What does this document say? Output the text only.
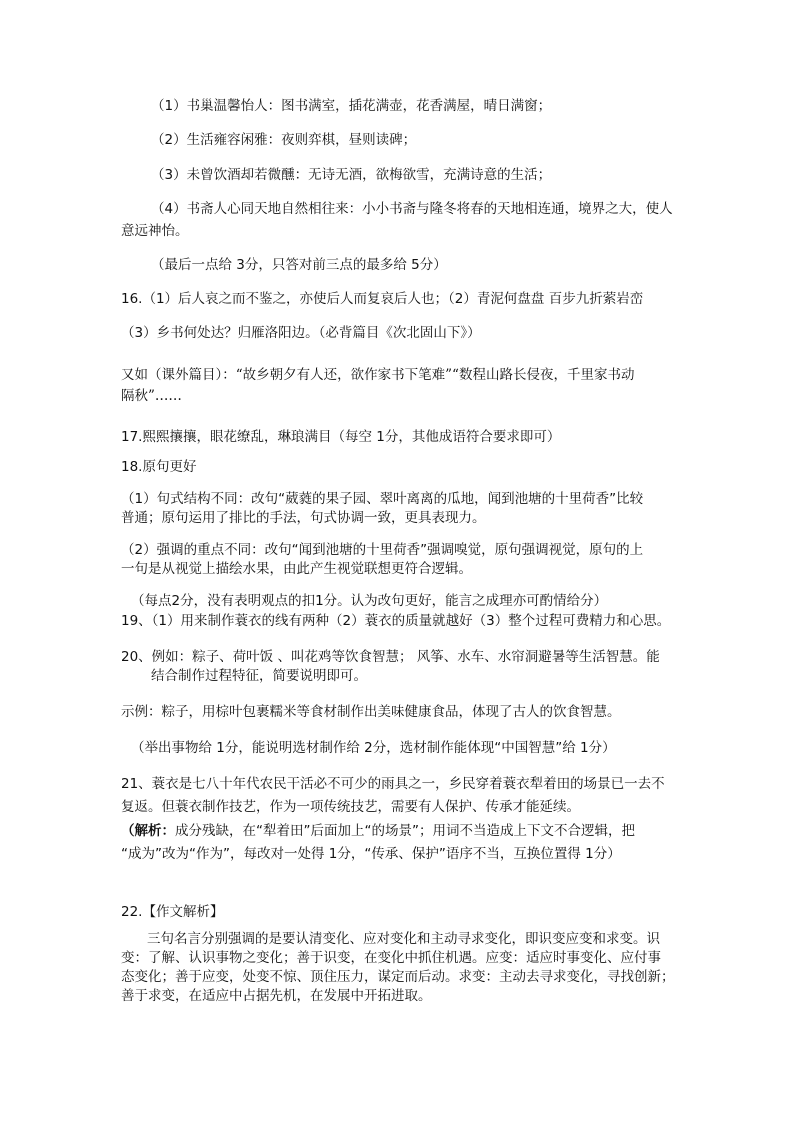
（1）书巢温馨怡人：图书满室，插花满壶，花香满屋，晴日满窗；
（2）生活雍容闲雅：夜则弈棋，昼则读碑；
（3）未曾饮酒却若微醺：无诗无酒，欲梅欲雪，充满诗意的生活；
（4）书斋人心同天地自然相往来：小小书斋与隆冬将春的天地相连通，境界之大，使人
意远神怡。
（最后一点给 3分，只答对前三点的最多给 5分）
16.（1）后人哀之而不鉴之，亦使后人而复哀后人也；（2）青泥何盘盘 百步九折萦岩峦
（3）乡书何处达？归雁洛阳边。（必背篇目《次北固山下》）
又如（课外篇目）：“故乡朝夕有人还，欲作家书下笔难”“数程山路长侵夜，千里家书动
隔秋”……
17.熙熙攘攘，眼花缭乱，琳琅满目（每空 1分，其他成语符合要求即可）
18.原句更好
（1）句式结构不同：改句“葳蕤的果子园、翠叶离离的瓜地，闻到池塘的十里荷香”比较
普通；原句运用了排比的手法，句式协调一致，更具表现力。
（2）强调的重点不同：改句“闻到池塘的十里荷香”强调嗅觉，原句强调视觉，原句的上
一句是从视觉上描绘水果，由此产生视觉联想更符合逻辑。
（每点2分，没有表明观点的扣1分。认为改句更好，能言之成理亦可酌情给分）
19、（1）用来制作蓑衣的线有两种（2）蓑衣的质量就越好（3）整个过程可费精力和心思。
20、例如：粽子、荷叶饭 、叫花鸡等饮食智慧； 风筝、水车、水帘洞避暑等生活智慧。能
结合制作过程特征，简要说明即可。
示例：粽子，用棕叶包裹糯米等食材制作出美味健康食品，体现了古人的饮食智慧。
（举出事物给 1分，能说明选材制作给 2分，选材制作能体现“中国智慧”给 1分）
21、蓑衣是七八十年代农民干活必不可少的雨具之一，乡民穿着蓑衣犁着田的场景已一去不
复返。但蓑衣制作技艺，作为一项传统技艺，需要有人保护、传承才能延续。
（解析：成分残缺，在“犁着田”后面加上“的场景”；用词不当造成上下文不合逻辑，把
“成为”改为“作为”，每改对一处得 1分，“传承、保护”语序不当，互换位置得 1分）
22.【作文解析】
三句名言分别强调的是要认清变化、应对变化和主动寻求变化，即识变应变和求变。识
变：了解、认识事物之变化；善于识变，在变化中抓住机遇。应变：适应时事变化、应付事
态变化；善于应变，处变不惊、顶住压力，谋定而后动。求变：主动去寻求变化，寻找创新；
善于求变，在适应中占据先机，在发展中开拓进取。
